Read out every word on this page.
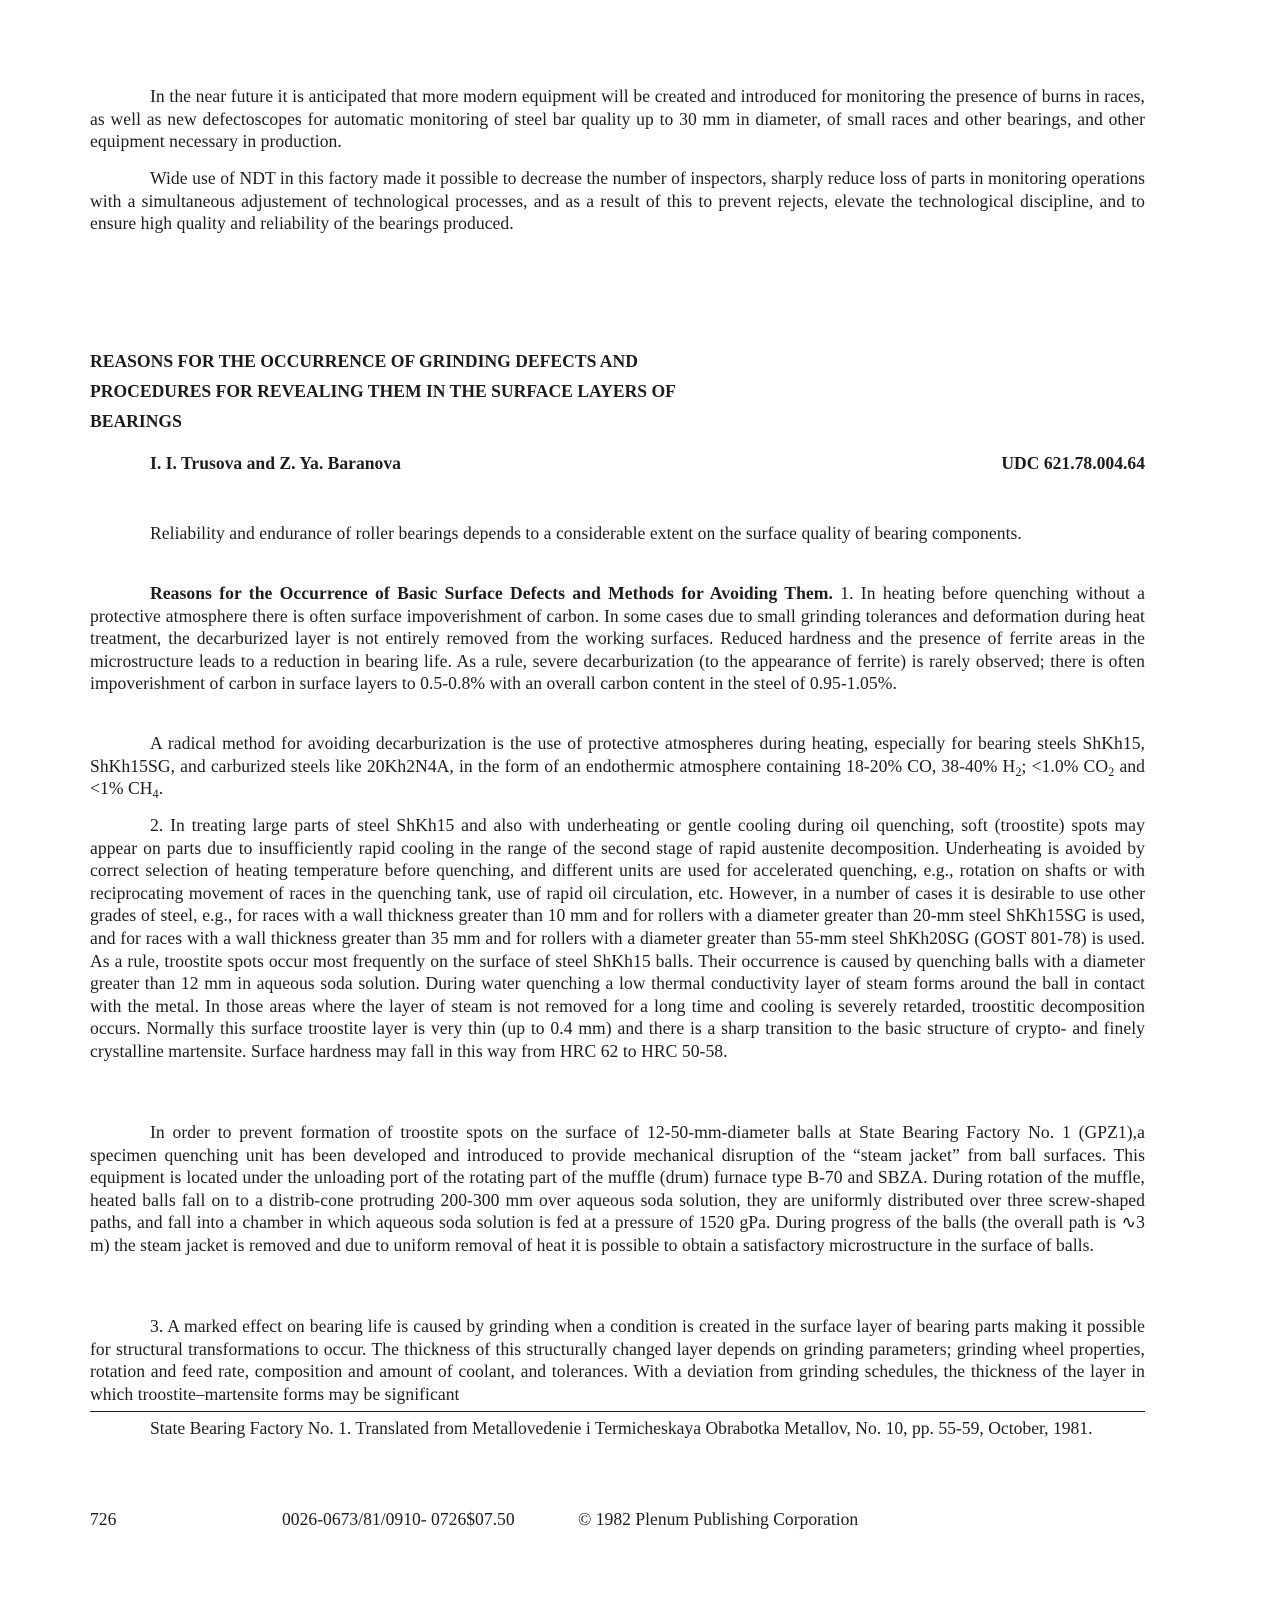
In the near future it is anticipated that more modern equipment will be created and introduced for monitoring the presence of burns in races, as well as new defectoscopes for automatic monitoring of steel bar quality up to 30 mm in diameter, of small races and other bearings, and other equipment necessary in production.

Wide use of NDT in this factory made it possible to decrease the number of inspectors, sharply reduce loss of parts in monitoring operations with a simultaneous adjustement of technological processes, and as a result of this to prevent rejects, elevate the technological discipline, and to ensure high quality and reliability of the bearings produced.

REASONS FOR THE OCCURRENCE OF GRINDING DEFECTS AND PROCEDURES FOR REVEALING THEM IN THE SURFACE LAYERS OF BEARINGS

I. I. Trusova and Z. Ya. Baranova	UDC 621.78.004.64

Reliability and endurance of roller bearings depends to a considerable extent on the surface quality of bearing components.

Reasons for the Occurrence of Basic Surface Defects and Methods for Avoiding Them. 1. In heating before quenching without a protective atmosphere there is often surface impoverishment of carbon. In some cases due to small grinding tolerances and deformation during heat treatment, the decarburized layer is not entirely removed from the working surfaces. Reduced hardness and the presence of ferrite areas in the microstructure leads to a reduction in bearing life. As a rule, severe decarburization (to the appearance of ferrite) is rarely observed; there is often impoverishment of carbon in surface layers to 0.5-0.8% with an overall carbon content in the steel of 0.95-1.05%.

A radical method for avoiding decarburization is the use of protective atmospheres during heating, especially for bearing steels ShKh15, ShKh15SG, and carburized steels like 20Kh2N4A, in the form of an endothermic atmosphere containing 18-20% CO, 38-40% $H_2$; <1.0% $CO_2$ and <1% $CH_4$.

2. In treating large parts of steel ShKh15 and also with underheating or gentle cooling during oil quenching, soft (troostite) spots may appear on parts due to insufficiently rapid cooling in the range of the second stage of rapid austenite decomposition. Underheating is avoided by correct selection of heating temperature before quenching, and different units are used for accelerated quenching, e.g., rotation on shafts or with reciprocating movement of races in the quenching tank, use of rapid oil circulation, etc. However, in a number of cases it is desirable to use other grades of steel, e.g., for races with a wall thickness greater than 10 mm and for rollers with a diameter greater than 20-mm steel ShKh15SG is used, and for races with a wall thickness greater than 35 mm and for rollers with a diameter greater than 55-mm steel ShKh20SG (GOST 801-78) is used. As a rule, troostite spots occur most frequently on the surface of steel ShKh15 balls. Their occurrence is caused by quenching balls with a diameter greater than 12 mm in aqueous soda solution. During water quenching a low thermal conductivity layer of steam forms around the ball in contact with the metal. In those areas where the layer of steam is not removed for a long time and cooling is severely retarded, troostitic decomposition occurs. Normally this surface troostite layer is very thin (up to 0.4 mm) and there is a sharp transition to the basic structure of crypto- and finely crystalline martensite. Surface hardness may fall in this way from HRC 62 to HRC 50-58.

In order to prevent formation of troostite spots on the surface of 12-50-mm-diameter balls at State Bearing Factory No. 1 (GPZ1),a specimen quenching unit has been developed and introduced to provide mechanical disruption of the “steam jacket” from ball surfaces. This equipment is located under the unloading port of the rotating part of the muffle (drum) furnace type B-70 and SBZA. During rotation of the muffle, heated balls fall on to a distrib-cone protruding 200-300 mm over aqueous soda solution, they are uniformly distributed over three screw-shaped paths, and fall into a chamber in which aqueous soda solution is fed at a pressure of 1520 gPa. During progress of the balls (the overall path is ∿3 m) the steam jacket is removed and due to uniform removal of heat it is possible to obtain a satisfactory microstructure in the surface of balls.

3. A marked effect on bearing life is caused by grinding when a condition is created in the surface layer of bearing parts making it possible for structural transformations to occur. The thickness of this structurally changed layer depends on grinding parameters; grinding wheel properties, rotation and feed rate, composition and amount of coolant, and tolerances. With a deviation from grinding schedules, the thickness of the layer in which troostite–martensite forms may be significant

State Bearing Factory No. 1. Translated from Metallovedenie i Termicheskaya Obrabotka Metallov, No. 10, pp. 55-59, October, 1981.

726	0026-0673/81/0910- 0726$07.50	© 1982 Plenum Publishing Corporation
